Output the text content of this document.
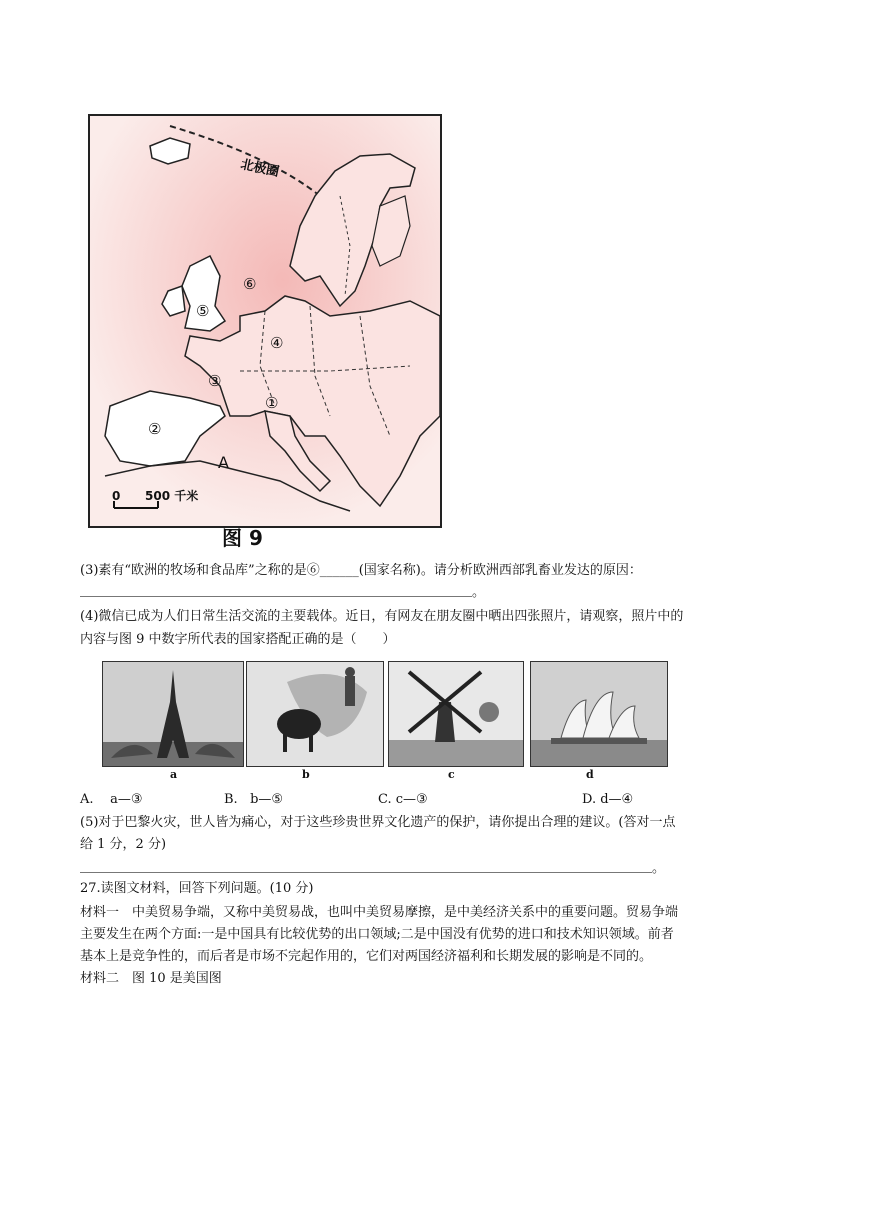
⑥
⑤
④
③
①
②
A
北极圈
0 500 千米
图 9
(3)素有“欧洲的牧场和食品库”之称的是⑥______(国家名称)。请分析欧洲西部乳畜业发达的原因：
。
(4)微信已成为人们日常生活交流的主要载体。近日，有网友在朋友圈中晒出四张照片，请观察，照片中的
内容与图 9 中数字所代表的国家搭配正确的是（　　）
a	b	c	d
A. a—③	B. b—⑤	C. c—③	D. d—④
(5)对于巴黎火灾，世人皆为痛心，对于这些珍贵世界文化遗产的保护，请你提出合理的建议。(答对一点
给 1 分，2 分)
。
27.读图文材料，回答下列问题。(10 分)
材料一　中美贸易争端，又称中美贸易战，也叫中美贸易摩擦，是中美经济关系中的重要问题。贸易争端
主要发生在两个方面:一是中国具有比较优势的出口领域;二是中国没有优势的进口和技术知识领域。前者
基本上是竞争性的，而后者是市场不完起作用的，它们对两国经济福利和长期发展的影响是不同的。
材料二　图 10 是美国图
